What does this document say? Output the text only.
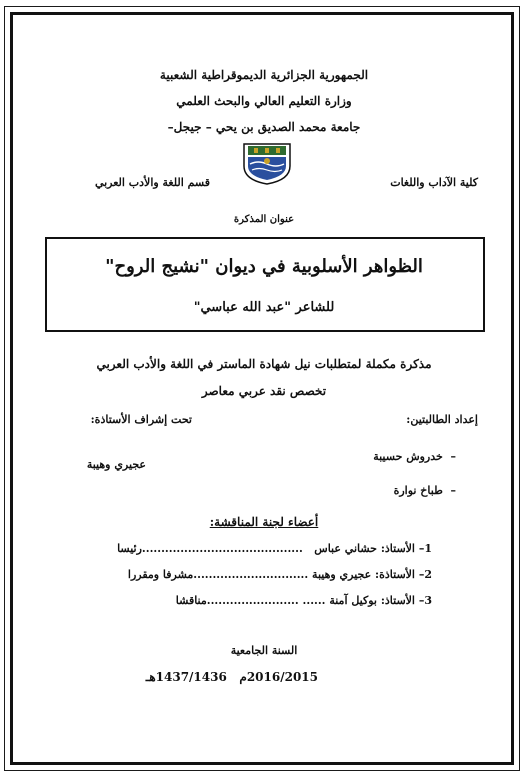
الجمهورية الجزائرية الديموقراطية الشعبية
وزارة التعليم العالي والبحث العلمي
جامعة محمد الصديق بن يحي – جيجل–
كلية الآداب واللغات
قسم اللغة والأدب العربي
عنوان المذكرة
الظواهر الأسلوبية في ديوان "نشيج الروح"
للشاعر "عبد الله عباسي"
مذكرة مكملة لمتطلبات نيل شهادة الماستر في اللغة والأدب العربي
تخصص نقد عربي معاصر
إعداد الطالبتين:
تحت إشراف الأستاذة:
–  خدروش حسيبة
عجيري وهيبة
–  طباخ نوارة
أعضاء لجنة المناقشة:
1– الأستاذ: حشاني عباس   ..........................................رئيسا
2– الأستاذة: عجيري وهيبة ..............................مشرفا ومقررا
3– الأستاذ: بوكيل آمنة ...... ........................مناقشا
السنة الجامعية
2016/2015م   1437/1436هـ
